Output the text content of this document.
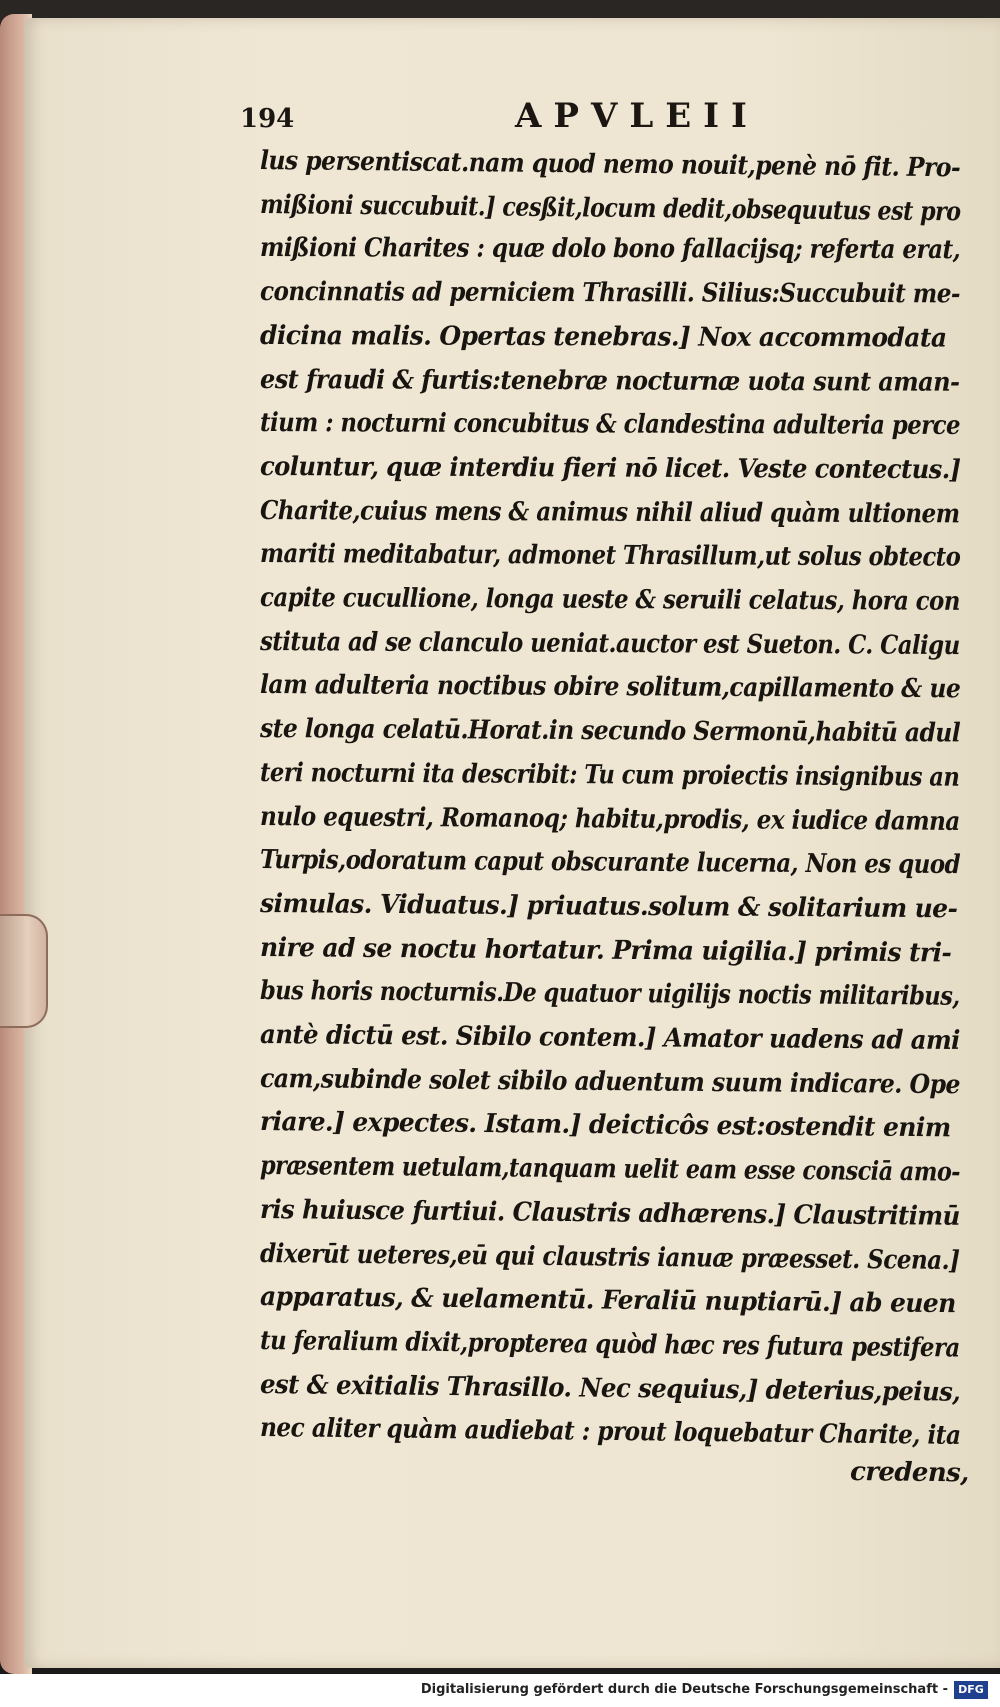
194	APVLEII
lus persentiscat.nam quod nemo nouit,penè nō fit. Pro-
mißioni succubuit.] cesßit,locum dedit,obsequutus est pro
mißioni Charites : quæ dolo bono fallacijsq; referta erat,
concinnatis ad perniciem Thrasilli. Silius:Succubuit me-
dicina malis. Opertas tenebras.] Nox accommodata
est fraudi & furtis:tenebræ nocturnæ uota sunt aman-
tium : nocturni concubitus & clandestina adulteria perce
coluntur, quæ interdiu fieri nō licet. Veste contectus.]
Charite,cuius mens & animus nihil aliud quàm ultionem
mariti meditabatur, admonet Thrasillum,ut solus obtecto
capite cucullione, longa ueste & seruili celatus, hora con
stituta ad se clanculo ueniat.auctor est Sueton. C. Caligu
lam adulteria noctibus obire solitum,capillamento & ue
ste longa celatū.Horat.in secundo Sermonū,habitū adul
teri nocturni ita describit: Tu cum proiectis insignibus an
nulo equestri, Romanoq; habitu,prodis, ex iudice damna
Turpis,odoratum caput obscurante lucerna, Non es quod
simulas. Viduatus.] priuatus.solum & solitarium ue-
nire ad se noctu hortatur. Prima uigilia.] primis tri-
bus horis nocturnis.De quatuor uigilijs noctis militaribus,
antè dictū est. Sibilo contem.] Amator uadens ad ami
cam,subinde solet sibilo aduentum suum indicare. Ope
riare.] expectes. Istam.] deicticôs est:ostendit enim
præsentem uetulam,tanquam uelit eam esse consciā amo-
ris huiusce furtiui. Claustris adhærens.] Claustritimū
dixerūt ueteres,eū qui claustris ianuæ præesset. Scena.]
apparatus, & uelamentū. Feraliū nuptiarū.] ab euen
tu feralium dixit,propterea quòd hæc res futura pestifera
est & exitialis Thrasillo. Nec sequius,] deterius,peius,
nec aliter quàm audiebat : prout loquebatur Charite, ita
credens,
Digitalisierung gefördert durch die Deutsche Forschungsgemeinschaft - DFG
